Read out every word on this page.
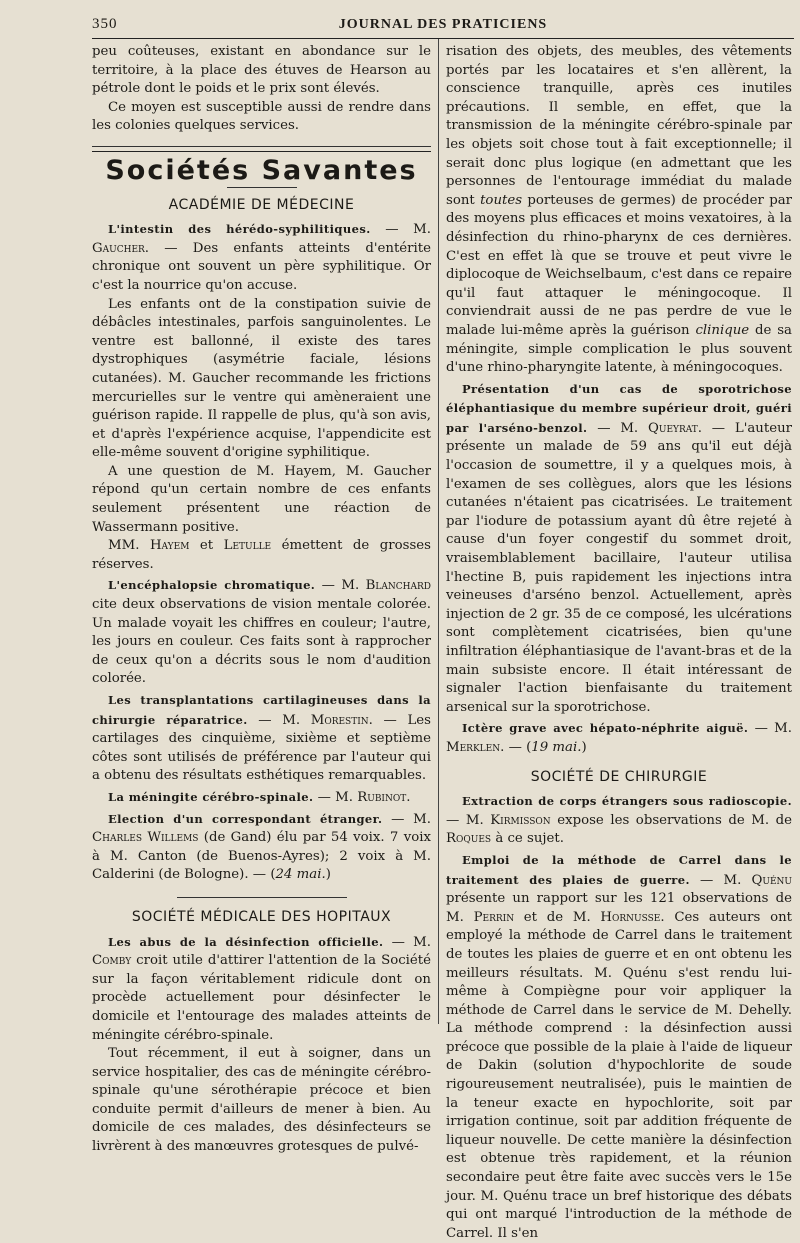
350	JOURNAL DES PRATICIENS

peu coûteuses, existant en abondance sur le territoire, à la place des étuves de Hearson au pétrole dont le poids et le prix sont élevés.

Ce moyen est susceptible aussi de rendre dans les colonies quelques services.

Sociétés Savantes
ACADÉMIE DE MÉDECINE

L'intestin des hérédo-syphilitiques. — M. Gaucher. — Des enfants atteints d'entérite chronique ont souvent un père syphilitique. Or c'est la nourrice qu'on accuse.

Les enfants ont de la constipation suivie de débâcles intestinales, parfois sanguinolentes. Le ventre est ballonné, il existe des tares dystrophiques (asymétrie faciale, lésions cutanées). M. Gaucher recommande les frictions mercurielles sur le ventre qui amèneraient une guérison rapide. Il rappelle de plus, qu'à son avis, et d'après l'expérience acquise, l'appendicite est elle-même souvent d'origine syphilitique.

A une question de M. Hayem, M. Gaucher répond qu'un certain nombre de ces enfants seulement présentent une réaction de Wassermann positive.

MM. Hayem et Letulle émettent de grosses réserves.

L'encéphalopsie chromatique. — M. Blanchard cite deux observations de vision mentale colorée. Un malade voyait les chiffres en couleur; l'autre, les jours en couleur. Ces faits sont à rapprocher de ceux qu'on a décrits sous le nom d'audition colorée.

Les transplantations cartilagineuses dans la chirurgie réparatrice. — M. Morestin. — Les cartilages des cinquième, sixième et septième côtes sont utilisés de préférence par l'auteur qui a obtenu des résultats esthétiques remarquables.

La méningite cérébro-spinale. — M. Rubinot.

Election d'un correspondant étranger. — M. Charles Willems (de Gand) élu par 54 voix. 7 voix à M. Canton (de Buenos-Ayres); 2 voix à M. Calderini (de Bologne). — (24 mai.)

SOCIÉTÉ MÉDICALE DES HOPITAUX

Les abus de la désinfection officielle. — M. Comby croit utile d'attirer l'attention de la Société sur la façon véritablement ridicule dont on procède actuellement pour désinfecter le domicile et l'entourage des malades atteints de méningite cérébro-spinale.

Tout récemment, il eut à soigner, dans un service hospitalier, des cas de méningite cérébro-spinale qu'une sérothérapie précoce et bien conduite permit d'ailleurs de mener à bien. Au domicile de ces malades, des désinfecteurs se livrèrent à des manœuvres grotesques de pulvé-

risation des objets, des meubles, des vêtements portés par les locataires et s'en allèrent, la conscience tranquille, après ces inutiles précautions. Il semble, en effet, que la transmission de la méningite cérébro-spinale par les objets soit chose tout à fait exceptionnelle; il serait donc plus logique (en admettant que les personnes de l'entourage immédiat du malade sont toutes porteuses de germes) de procéder par des moyens plus efficaces et moins vexatoires, à la désinfection du rhino-pharynx de ces dernières. C'est en effet là que se trouve et peut vivre le diplocoque de Weichselbaum, c'est dans ce repaire qu'il faut attaquer le méningocoque. Il conviendrait aussi de ne pas perdre de vue le malade lui-même après la guérison clinique de sa méningite, simple complication le plus souvent d'une rhino-pharyngite latente, à méningocoques.

Présentation d'un cas de sporotrichose éléphantiasique du membre supérieur droit, guéri par l'arséno-benzol. — M. Queyrat. — L'auteur présente un malade de 59 ans qu'il eut déjà l'occasion de soumettre, il y a quelques mois, à l'examen de ses collègues, alors que les lésions cutanées n'étaient pas cicatrisées. Le traitement par l'iodure de potassium ayant dû être rejeté à cause d'un foyer congestif du sommet droit, vraisemblablement bacillaire, l'auteur utilisa l'hectine B, puis rapidement les injections intra veineuses d'arséno benzol. Actuellement, après injection de 2 gr. 35 de ce composé, les ulcérations sont complètement cicatrisées, bien qu'une infiltration éléphantiasique de l'avant-bras et de la main subsiste encore. Il était intéressant de signaler l'action bienfaisante du traitement arsenical sur la sporotrichose.

Ictère grave avec hépato-néphrite aiguë. — M. Merklen. — (19 mai.)

SOCIÉTÉ DE CHIRURGIE

Extraction de corps étrangers sous radioscopie. — M. Kirmisson expose les observations de M. de Roques à ce sujet.

Emploi de la méthode de Carrel dans le traitement des plaies de guerre. — M. Quénu présente un rapport sur les 121 observations de M. Perrin et de M. Hornusse. Ces auteurs ont employé la méthode de Carrel dans le traitement de toutes les plaies de guerre et en ont obtenu les meilleurs résultats. M. Quénu s'est rendu lui-même à Compiègne pour voir appliquer la méthode de Carrel dans le service de M. Dehelly. La méthode comprend : la désinfection aussi précoce que possible de la plaie à l'aide de liqueur de Dakin (solution d'hypochlorite de soude rigoureusement neutralisée), puis le maintien de la teneur exacte en hypochlorite, soit par irrigation continue, soit par addition fréquente de liqueur nouvelle. De cette manière la désinfection est obtenue très rapidement, et la réunion secondaire peut être faite avec succès vers le 15e jour. M. Quénu trace un bref historique des débats qui ont marqué l'introduction de la méthode de Carrel. Il s'en
